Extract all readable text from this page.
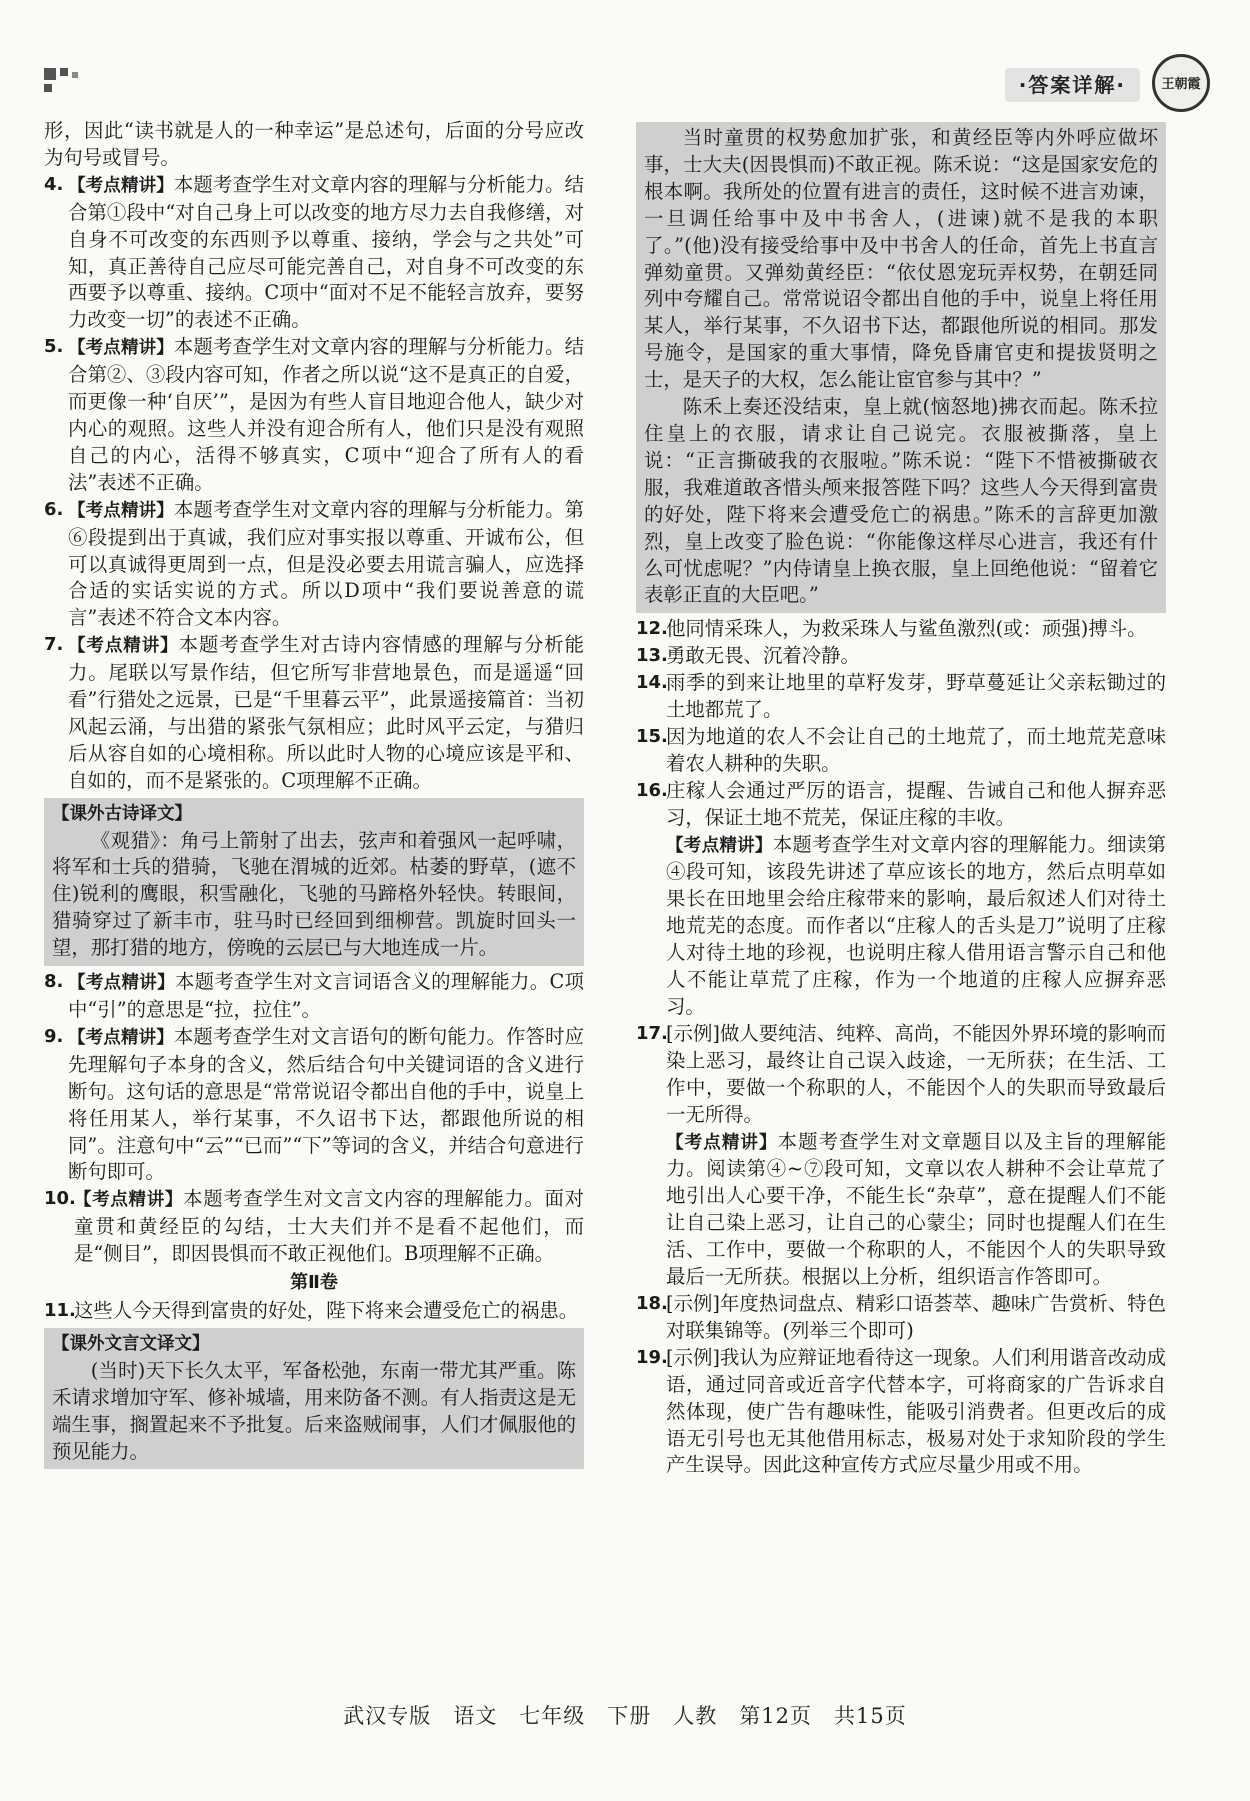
·答案详解·	王朝霞

形，因此“读书就是人的一种幸运”是总述句，后面的分号应改为句号或冒号。

4. 【考点精讲】本题考查学生对文章内容的理解与分析能力。结合第①段中“对自己身上可以改变的地方尽力去自我修缮，对自身不可改变的东西则予以尊重、接纳，学会与之共处”可知，真正善待自己应尽可能完善自己，对自身不可改变的东西要予以尊重、接纳。C项中“面对不足不能轻言放弃，要努力改变一切”的表述不正确。

5. 【考点精讲】本题考查学生对文章内容的理解与分析能力。结合第②、③段内容可知，作者之所以说“这不是真正的自爱，而更像一种‘自厌’”，是因为有些人盲目地迎合他人，缺少对内心的观照。这些人并没有迎合所有人，他们只是没有观照自己的内心，活得不够真实，C项中“迎合了所有人的看法”表述不正确。

6. 【考点精讲】本题考查学生对文章内容的理解与分析能力。第⑥段提到出于真诚，我们应对事实报以尊重、开诚布公，但可以真诚得更周到一点，但是没必要去用谎言骗人，应选择合适的实话实说的方式。所以D项中“我们要说善意的谎言”表述不符合文本内容。

7. 【考点精讲】本题考查学生对古诗内容情感的理解与分析能力。尾联以写景作结，但它所写非营地景色，而是遥遥“回看”行猎处之远景，已是“千里暮云平”，此景遥接篇首：当初风起云涌，与出猎的紧张气氛相应；此时风平云定，与猎归后从容自如的心境相称。所以此时人物的心境应该是平和、自如的，而不是紧张的。C项理解不正确。

【课外古诗译文】

《观猎》：角弓上箭射了出去，弦声和着强风一起呼啸，将军和士兵的猎骑，飞驰在渭城的近郊。枯萎的野草，(遮不住)锐利的鹰眼，积雪融化，飞驰的马蹄格外轻快。转眼间，猎骑穿过了新丰市，驻马时已经回到细柳营。凯旋时回头一望，那打猎的地方，傍晚的云层已与大地连成一片。

8. 【考点精讲】本题考查学生对文言词语含义的理解能力。C项中“引”的意思是“拉，拉住”。

9. 【考点精讲】本题考查学生对文言语句的断句能力。作答时应先理解句子本身的含义，然后结合句中关键词语的含义进行断句。这句话的意思是“常常说诏令都出自他的手中，说皇上将任用某人，举行某事，不久诏书下达，都跟他所说的相同”。注意句中“云”“已而”“下”等词的含义，并结合句意进行断句即可。

10.

【考点精讲】本题考查学生对文言文内容的理解能力。面对童贯和黄经臣的勾结，士大夫们并不是看不起他们，而是“侧目”，即因畏惧而不敢正视他们。B项理解不正确。

第Ⅱ卷
11.

这些人今天得到富贵的好处，陛下将来会遭受危亡的祸患。

【课外文言文译文】

(当时)天下长久太平，军备松弛，东南一带尤其严重。陈禾请求增加守军、修补城墙，用来防备不测。有人指责这是无端生事，搁置起来不予批复。后来盗贼闹事，人们才佩服他的预见能力。

当时童贯的权势愈加扩张，和黄经臣等内外呼应做坏事，士大夫(因畏惧而)不敢正视。陈禾说：“这是国家安危的根本啊。我所处的位置有进言的责任，这时候不进言劝谏，一旦调任给事中及中书舍人，(进谏)就不是我的本职了。”(他)没有接受给事中及中书舍人的任命，首先上书直言弹劾童贯。又弹劾黄经臣：“依仗恩宠玩弄权势，在朝廷同列中夸耀自己。常常说诏令都出自他的手中，说皇上将任用某人，举行某事，不久诏书下达，都跟他所说的相同。那发号施令，是国家的重大事情，降免昏庸官吏和提拔贤明之士，是天子的大权，怎么能让宦官参与其中？”

陈禾上奏还没结束，皇上就(恼怒地)拂衣而起。陈禾拉住皇上的衣服，请求让自己说完。衣服被撕落，皇上说：“正言撕破我的衣服啦。”陈禾说：“陛下不惜被撕破衣服，我难道敢吝惜头颅来报答陛下吗？这些人今天得到富贵的好处，陛下将来会遭受危亡的祸患。”陈禾的言辞更加激烈，皇上改变了脸色说：“你能像这样尽心进言，我还有什么可忧虑呢？”内侍请皇上换衣服，皇上回绝他说：“留着它表彰正直的大臣吧。”

12.

他同情采珠人，为救采珠人与鲨鱼激烈(或：顽强)搏斗。

13.

勇敢无畏、沉着冷静。

14.

雨季的到来让地里的草籽发芽，野草蔓延让父亲耘锄过的土地都荒了。

15.

因为地道的农人不会让自己的土地荒了，而土地荒芜意味着农人耕种的失职。

16.

庄稼人会通过严厉的语言，提醒、告诫自己和他人摒弃恶习，保证土地不荒芜，保证庄稼的丰收。

【考点精讲】本题考查学生对文章内容的理解能力。细读第④段可知，该段先讲述了草应该长的地方，然后点明草如果长在田地里会给庄稼带来的影响，最后叙述人们对待土地荒芜的态度。而作者以“庄稼人的舌头是刀”说明了庄稼人对待土地的珍视，也说明庄稼人借用语言警示自己和他人不能让草荒了庄稼，作为一个地道的庄稼人应摒弃恶习。

17.

[示例]做人要纯洁、纯粹、高尚，不能因外界环境的影响而染上恶习，最终让自己误入歧途，一无所获；在生活、工作中，要做一个称职的人，不能因个人的失职而导致最后一无所得。

【考点精讲】本题考查学生对文章题目以及主旨的理解能力。阅读第④~⑦段可知，文章以农人耕种不会让草荒了地引出人心要干净，不能生长“杂草”，意在提醒人们不能让自己染上恶习，让自己的心蒙尘；同时也提醒人们在生活、工作中，要做一个称职的人，不能因个人的失职导致最后一无所获。根据以上分析，组织语言作答即可。

18.

[示例]年度热词盘点、精彩口语荟萃、趣味广告赏析、特色对联集锦等。(列举三个即可)

19.

[示例]我认为应辩证地看待这一现象。人们利用谐音改动成语，通过同音或近音字代替本字，可将商家的广告诉求自然体现，使广告有趣味性，能吸引消费者。但更改后的成语无引号也无其他借用标志，极易对处于求知阶段的学生产生误导。因此这种宣传方式应尽量少用或不用。

武汉专版　语文　七年级　下册　人教　第12页　共15页
